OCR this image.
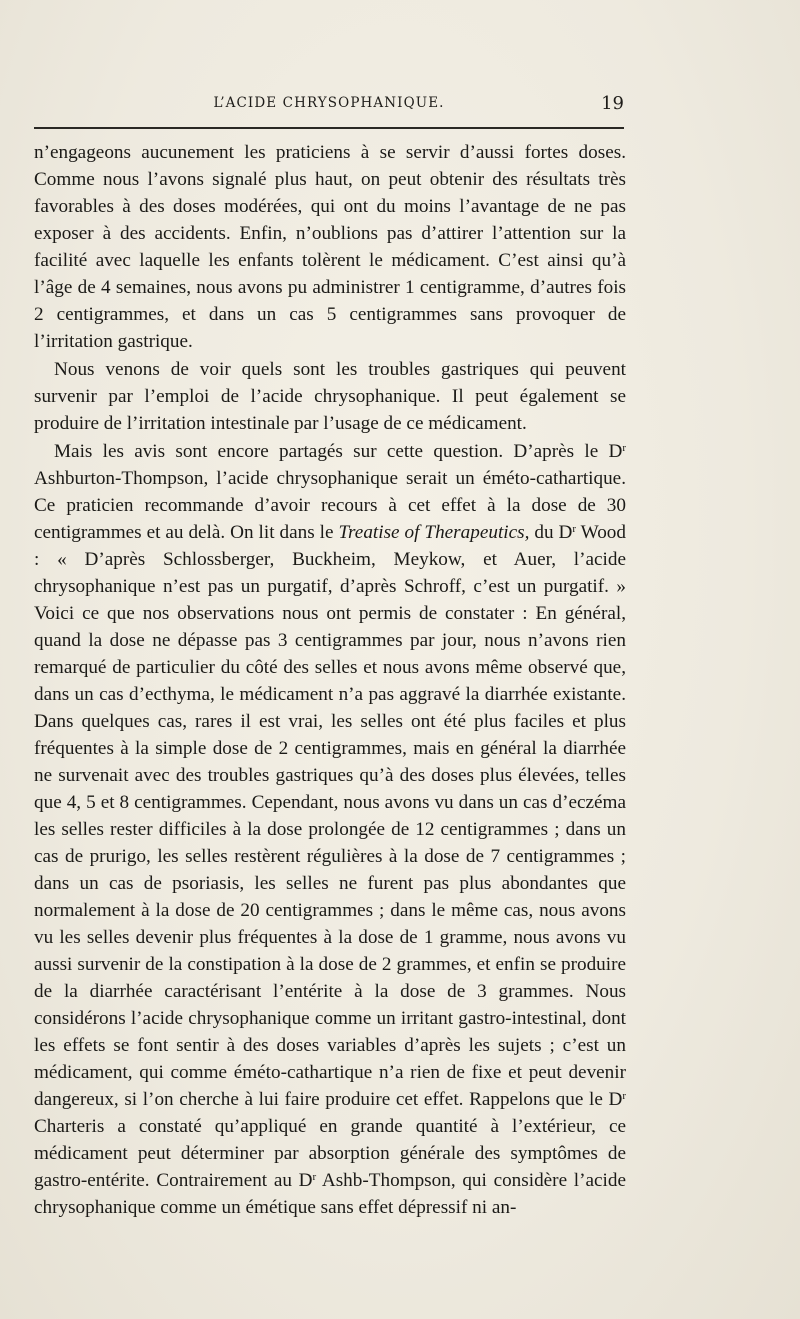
L’ACIDE CHRYSOPHANIQUE.	19

n’engageons aucunement les praticiens à se servir d’aussi fortes doses. Comme nous l’avons signalé plus haut, on peut obtenir des résultats très favorables à des doses modérées, qui ont du moins l’avantage de ne pas exposer à des accidents. Enfin, n’oublions pas d’attirer l’attention sur la facilité avec laquelle les enfants tolèrent le médicament. C’est ainsi qu’à l’âge de 4 semaines, nous avons pu administrer 1 centigramme, d’autres fois 2 centigrammes, et dans un cas 5 centigrammes sans provoquer de l’irritation gastrique.

Nous venons de voir quels sont les troubles gastriques qui peuvent survenir par l’emploi de l’acide chrysophanique. Il peut également se produire de l’irritation intestinale par l’usage de ce médicament.

Mais les avis sont encore partagés sur cette question. D’après le $D^r$ Ashburton-Thompson, l’acide chrysophanique serait un éméto-cathartique. Ce praticien recommande d’avoir recours à cet effet à la dose de 30 centigrammes et au delà. On lit dans le Treatise of Therapeutics, du $D^r$ Wood : « D’après Schlossberger, Buckheim, Meykow, et Auer, l’acide chrysophanique n’est pas un purgatif, d’après Schroff, c’est un purgatif. » Voici ce que nos observations nous ont permis de constater : En général, quand la dose ne dépasse pas 3 centigrammes par jour, nous n’avons rien remarqué de particulier du côté des selles et nous avons même observé que, dans un cas d’ecthyma, le médicament n’a pas aggravé la diarrhée existante. Dans quelques cas, rares il est vrai, les selles ont été plus faciles et plus fréquentes à la simple dose de 2 centigrammes, mais en général la diarrhée ne survenait avec des troubles gastriques qu’à des doses plus élevées, telles que 4, 5 et 8 centigrammes. Cependant, nous avons vu dans un cas d’eczéma les selles rester difficiles à la dose prolongée de 12 centigrammes ; dans un cas de prurigo, les selles restèrent régulières à la dose de 7 centigrammes ; dans un cas de psoriasis, les selles ne furent pas plus abondantes que normalement à la dose de 20 centigrammes ; dans le même cas, nous avons vu les selles devenir plus fréquentes à la dose de 1 gramme, nous avons vu aussi survenir de la constipation à la dose de 2 grammes, et enfin se produire de la diarrhée caractérisant l’entérite à la dose de 3 grammes. Nous considérons l’acide chrysophanique comme un irritant gastro-intestinal, dont les effets se font sentir à des doses variables d’après les sujets ; c’est un médicament, qui comme éméto-cathartique n’a rien de fixe et peut devenir dangereux, si l’on cherche à lui faire produire cet effet. Rappelons que le $D^r$ Charteris a constaté qu’appliqué en grande quantité à l’extérieur, ce médicament peut déterminer par absorption générale des symptômes de gastro-entérite. Contrairement au $D^r$ Ashb-Thompson, qui considère l’acide chrysophanique comme un émétique sans effet dépressif ni an-
